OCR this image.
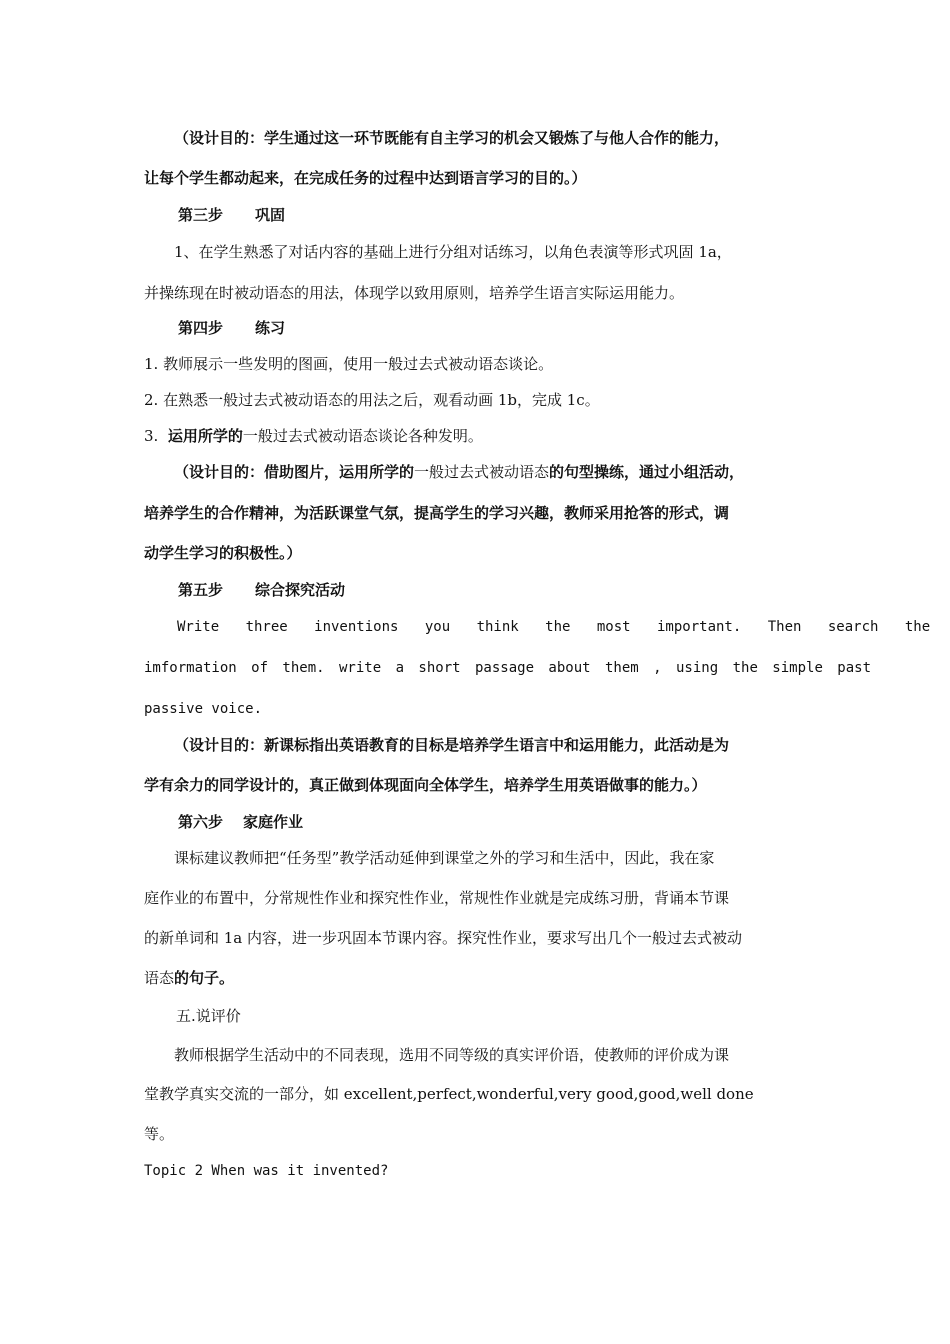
（设计目的：学生通过这一环节既能有自主学习的机会又锻炼了与他人合作的能力，
让每个学生都动起来，在完成任务的过程中达到语言学习的目的。）
第三步 巩固
1、在学生熟悉了对话内容的基础上进行分组对话练习，以角色表演等形式巩固 1a，
并操练现在时被动语态的用法，体现学以致用原则，培养学生语言实际运用能力。
第四步 练习
1. 教师展示一些发明的图画，使用一般过去式被动语态谈论。
2. 在熟悉一般过去式被动语态的用法之后，观看动画 1b，完成 1c。
3. 运用所学的一般过去式被动语态谈论各种发明。
（设计目的：借助图片，运用所学的一般过去式被动语态的句型操练，通过小组活动，
培养学生的合作精神，为活跃课堂气氛，提高学生的学习兴趣，教师采用抢答的形式，调
动学生学习的积极性。）
第五步 综合探究活动
Write three inventions you think the most important. Then search the
imformation of them. write a short passage about them , using the simple past
passive voice.
（设计目的：新课标指出英语教育的目标是培养学生语言中和运用能力，此活动是为
学有余力的同学设计的，真正做到体现面向全体学生，培养学生用英语做事的能力。）
第六步 家庭作业
课标建议教师把“任务型”教学活动延伸到课堂之外的学习和生活中，因此，我在家
庭作业的布置中，分常规性作业和探究性作业，常规性作业就是完成练习册，背诵本节课
的新单词和 1a 内容，进一步巩固本节课内容。探究性作业，要求写出几个一般过去式被动
语态的句子。
五.说评价
教师根据学生活动中的不同表现，选用不同等级的真实评价语，使教师的评价成为课
堂教学真实交流的一部分，如 excellent,perfect,wonderful,very good,good,well done
等。
Topic 2 When was it invented?
